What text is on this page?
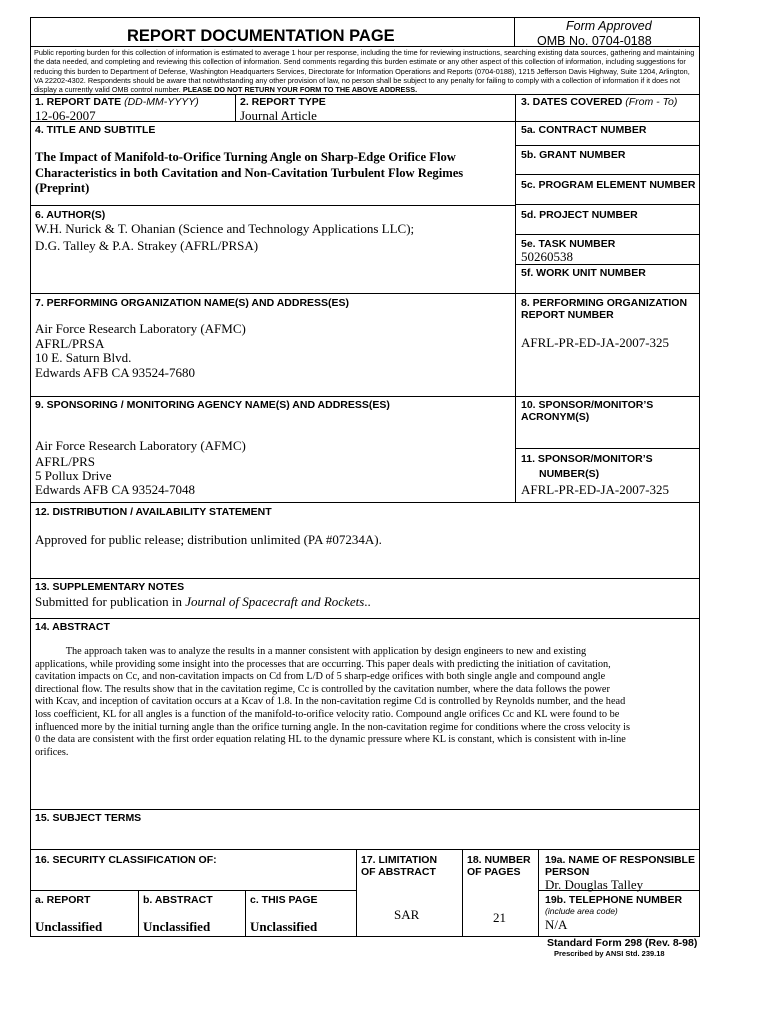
REPORT DOCUMENTATION PAGE
Form Approved
OMB No. 0704-0188
Public reporting burden for this collection of information is estimated to average 1 hour per response, including the time for reviewing instructions, searching existing data sources, gathering and maintaining the data needed, and completing and reviewing this collection of information. Send comments regarding this burden estimate or any other aspect of this collection of information, including suggestions for reducing this burden to Department of Defense, Washington Headquarters Services, Directorate for Information Operations and Reports (0704-0188), 1215 Jefferson Davis Highway, Suite 1204, Arlington, VA 22202-4302. Respondents should be aware that notwithstanding any other provision of law, no person shall be subject to any penalty for failing to comply with a collection of information if it does not display a currently valid OMB control number. PLEASE DO NOT RETURN YOUR FORM TO THE ABOVE ADDRESS.
1. REPORT DATE (DD-MM-YYYY)
12-06-2007
2. REPORT TYPE
Journal Article
3. DATES COVERED (From - To)
4. TITLE AND SUBTITLE
The Impact of Manifold-to-Orifice Turning Angle on Sharp-Edge Orifice Flow Characteristics in both Cavitation and Non-Cavitation Turbulent Flow Regimes (Preprint)
5a. CONTRACT NUMBER
5b. GRANT NUMBER
5c. PROGRAM ELEMENT NUMBER
6. AUTHOR(S)
W.H. Nurick & T. Ohanian (Science and Technology Applications LLC);
D.G. Talley & P.A. Strakey (AFRL/PRSA)
5d. PROJECT NUMBER
5e. TASK NUMBER
50260538
5f. WORK UNIT NUMBER
7. PERFORMING ORGANIZATION NAME(S) AND ADDRESS(ES)
Air Force Research Laboratory (AFMC)
AFRL/PRSA
10 E. Saturn Blvd.
Edwards AFB CA 93524-7680
8. PERFORMING ORGANIZATION
REPORT NUMBER
AFRL-PR-ED-JA-2007-325
9. SPONSORING / MONITORING AGENCY NAME(S) AND ADDRESS(ES)
Air Force Research Laboratory (AFMC)
AFRL/PRS
5 Pollux Drive
Edwards AFB CA 93524-7048
10. SPONSOR/MONITOR’S
ACRONYM(S)
11. SPONSOR/MONITOR’S
NUMBER(S)
AFRL-PR-ED-JA-2007-325
12. DISTRIBUTION / AVAILABILITY STATEMENT
Approved for public release; distribution unlimited (PA #07234A).
13. SUPPLEMENTARY NOTES
Submitted for publication in Journal of Spacecraft and Rockets..
14. ABSTRACT
The approach taken was to analyze the results in a manner consistent with application by design engineers to new and existing
applications, while providing some insight into the processes that are occurring. This paper deals with predicting the initiation of cavitation,
cavitation impacts on Cc, and non-cavitation impacts on Cd from L/D of 5 sharp-edge orifices with both single angle and compound angle
directional flow. The results show that in the cavitation regime, Cc is controlled by the cavitation number, where the data follows the power
with Kcav, and inception of cavitation occurs at a Kcav of 1.8. In the non-cavitation regime Cd is controlled by Reynolds number, and the head
loss coefficient, KL for all angles is a function of the manifold-to-orifice velocity ratio. Compound angle orifices Cc and KL were found to be
influenced more by the initial turning angle than the orifice turning angle. In the non-cavitation regime for conditions where the cross velocity is
0 the data are consistent with the first order equation relating HL to the dynamic pressure where KL is constant, which is consistent with in-line
orifices.
15. SUBJECT TERMS
16. SECURITY CLASSIFICATION OF:
a. REPORT
Unclassified
b. ABSTRACT
Unclassified
c. THIS PAGE
Unclassified
17. LIMITATION
OF ABSTRACT
SAR
18. NUMBER
OF PAGES
21
19a. NAME OF RESPONSIBLE
PERSON
Dr. Douglas Talley
19b. TELEPHONE NUMBER
(include area code)
N/A
Standard Form 298 (Rev. 8-98)
Prescribed by ANSI Std. 239.18
